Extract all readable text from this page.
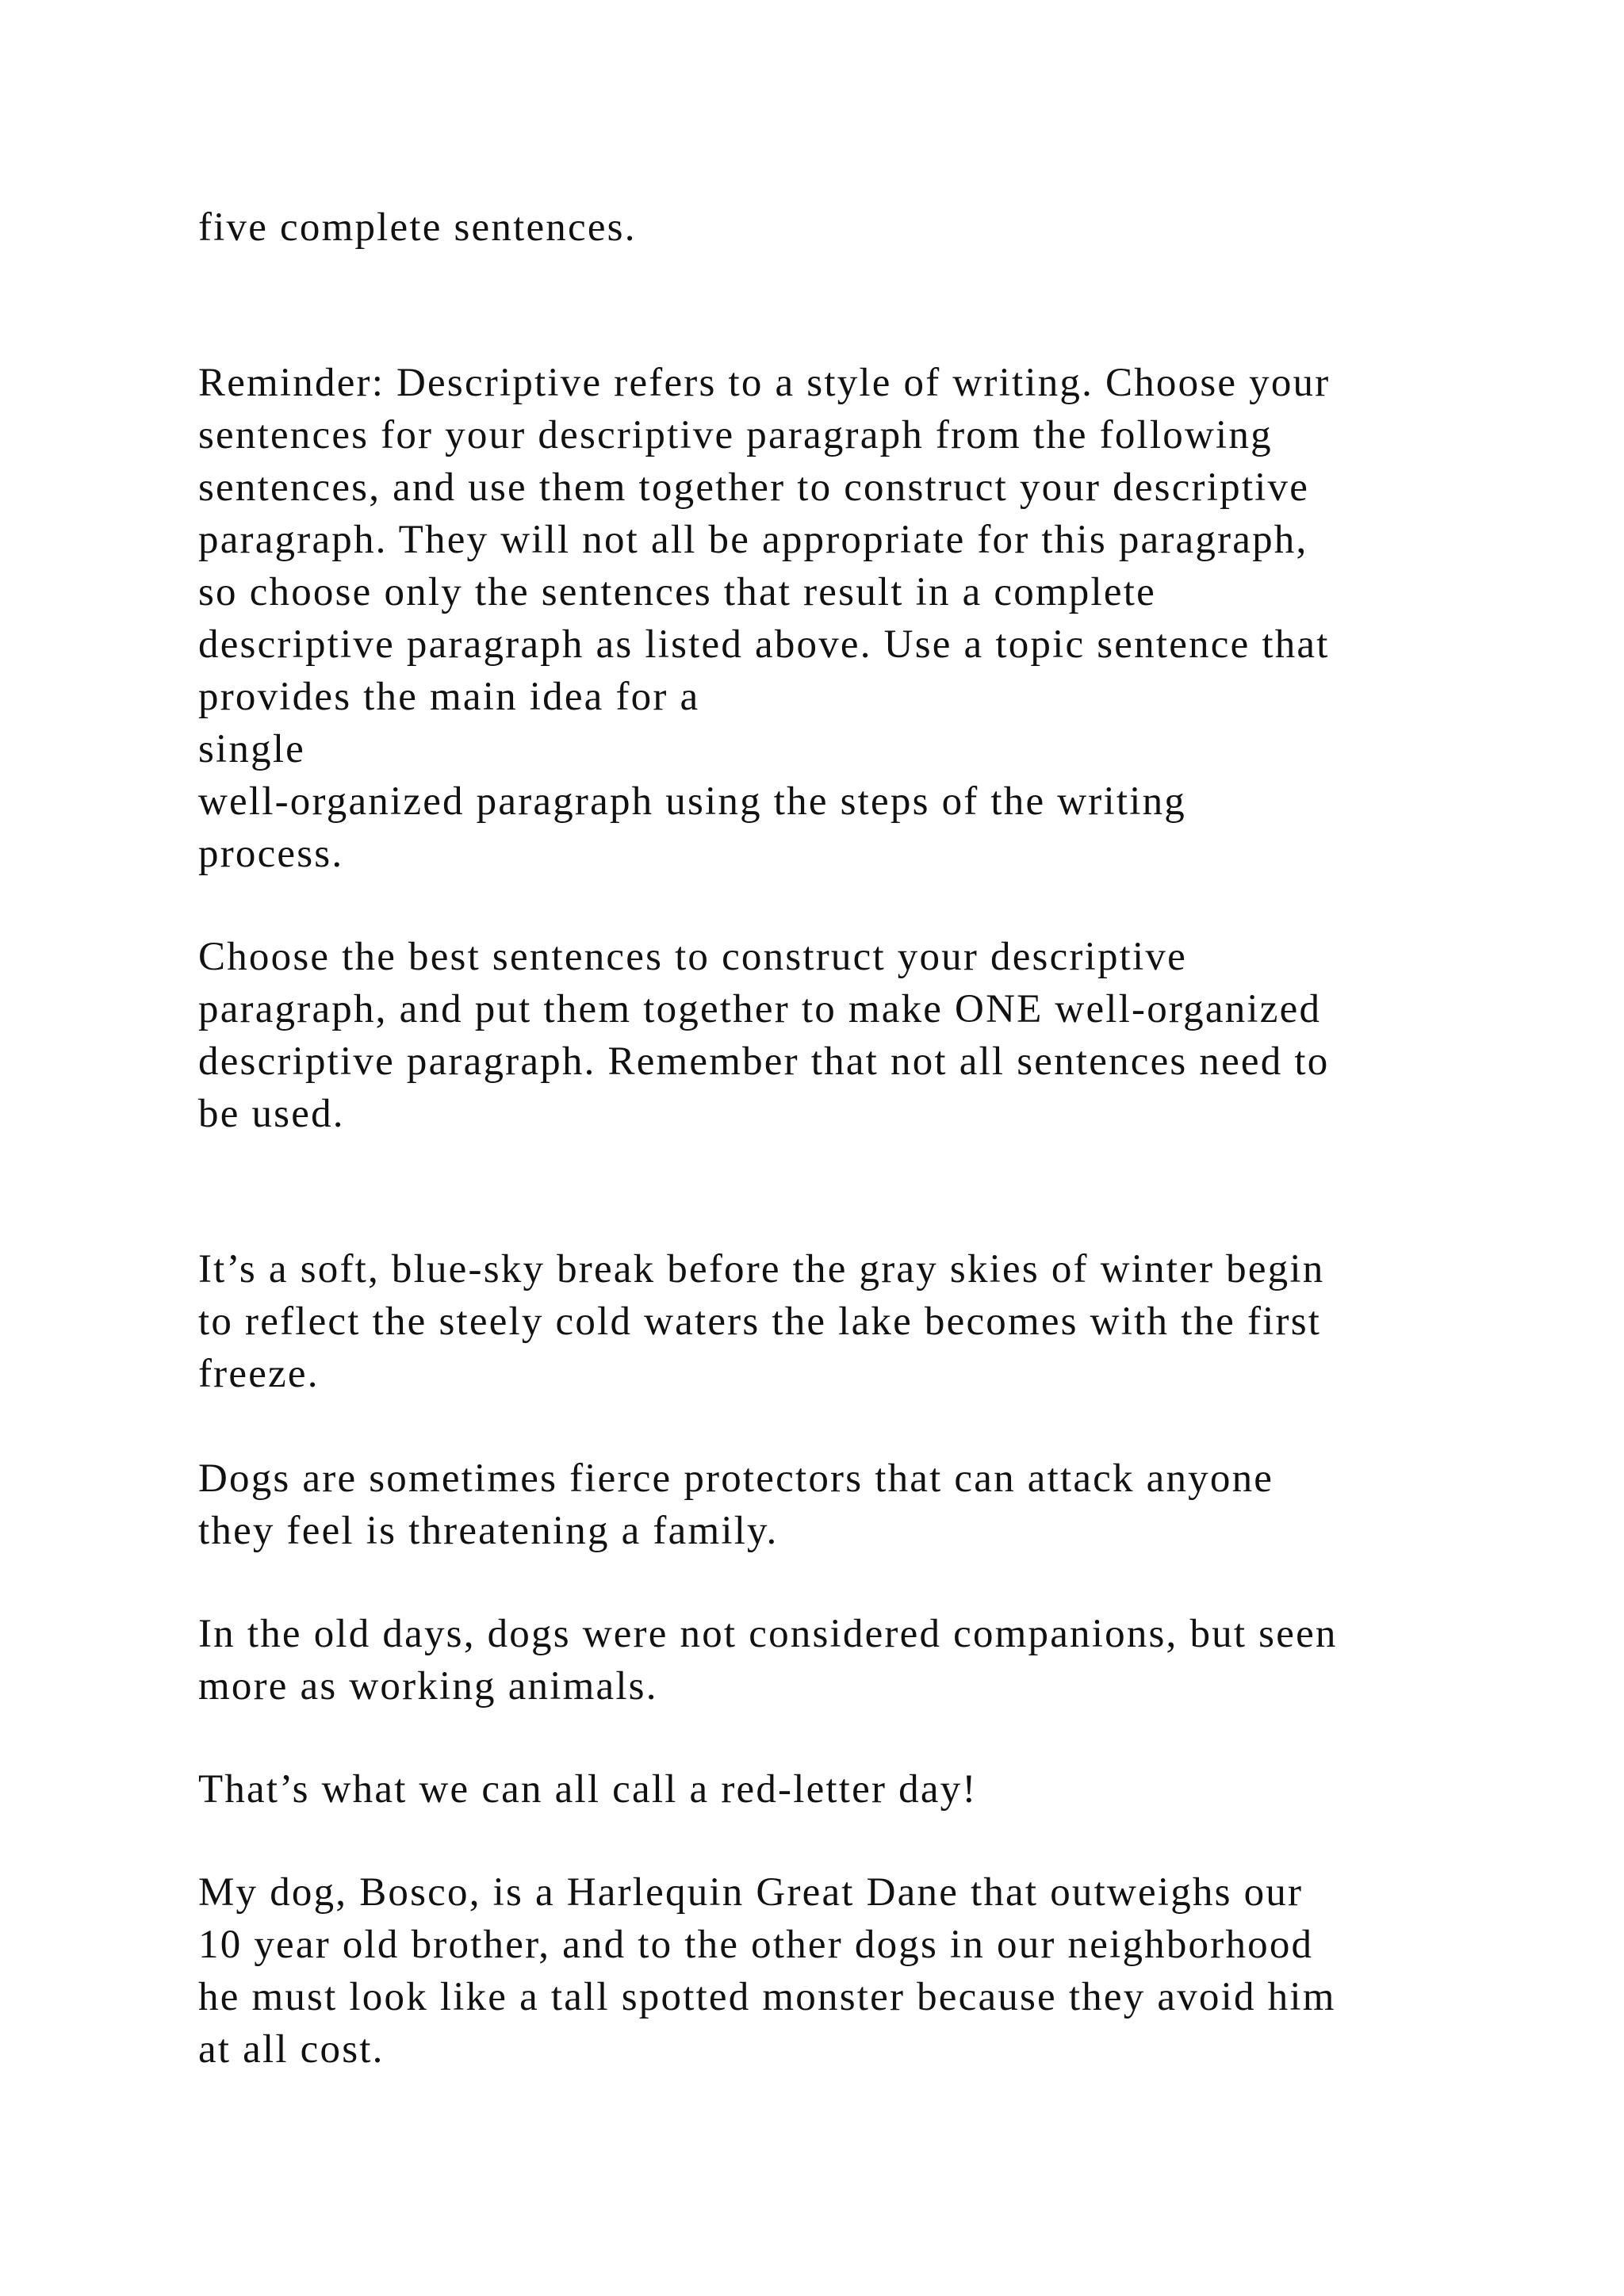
five complete sentences.
Reminder: Descriptive refers to a style of writing. Choose your
sentences for your descriptive paragraph from the following
sentences, and use them together to construct your descriptive
paragraph. They will not all be appropriate for this paragraph,
so choose only the sentences that result in a complete
descriptive paragraph as listed above. Use a topic sentence that
provides the main idea for a
single
well-organized paragraph using the steps of the writing
process.
Choose the best sentences to construct your descriptive
paragraph, and put them together to make ONE well-organized
descriptive paragraph. Remember that not all sentences need to
be used.
It’s a soft, blue-sky break before the gray skies of winter begin
to reflect the steely cold waters the lake becomes with the first
freeze.
Dogs are sometimes fierce protectors that can attack anyone
they feel is threatening a family.
In the old days, dogs were not considered companions, but seen
more as working animals.
That’s what we can all call a red-letter day!
My dog, Bosco, is a Harlequin Great Dane that outweighs our
10 year old brother, and to the other dogs in our neighborhood
he must look like a tall spotted monster because they avoid him
at all cost.
